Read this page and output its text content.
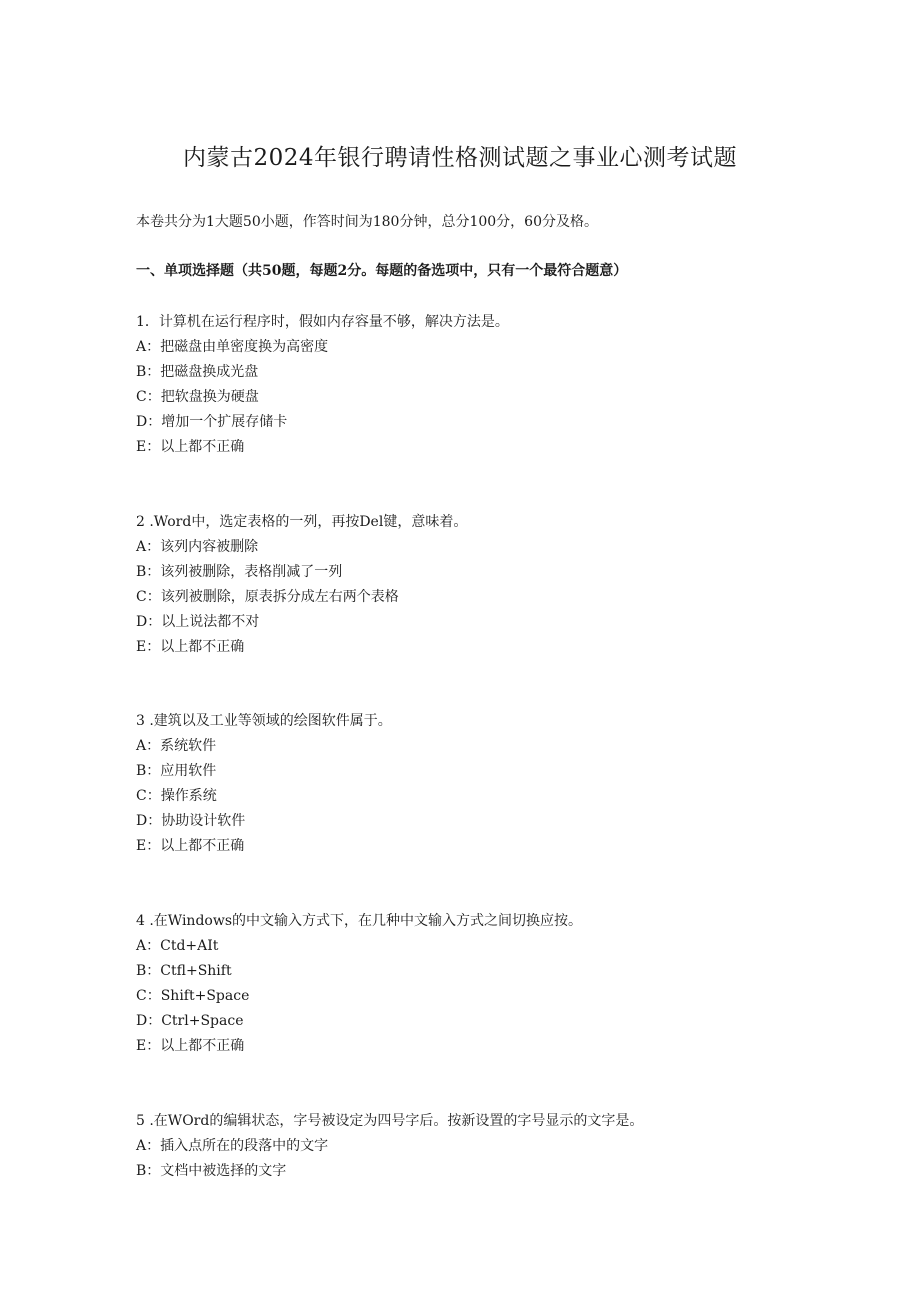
内蒙古2024年银行聘请性格测试题之事业心测考试题

本卷共分为1大题50小题，作答时间为180分钟，总分100分，60分及格。

一、单项选择题（共50题，每题2分。每题的备选项中，只有一个最符合题意）

1．计算机在运行程序时，假如内存容量不够，解决方法是。

A：把磁盘由单密度换为高密度

B：把磁盘换成光盘

C：把软盘换为硬盘

D：增加一个扩展存储卡

E：以上都不正确

2 .Word中，选定表格的一列，再按Del键，意味着。

A：该列内容被删除

B：该列被删除，表格削减了一列

C：该列被删除，原表拆分成左右两个表格

D：以上说法都不对

E：以上都不正确

3 .建筑以及工业等领域的绘图软件属于。

A：系统软件

B：应用软件

C：操作系统

D：协助设计软件

E：以上都不正确

4 .在Windows的中文输入方式下，在几种中文输入方式之间切换应按。

A：Ctd+AIt

B：Ctfl+Shift

C：Shift+Space

D：Ctrl+Space

E：以上都不正确

5 .在WOrd的编辑状态，字号被设定为四号字后。按新设置的字号显示的文字是。

A：插入点所在的段落中的文字

B：文档中被选择的文字
